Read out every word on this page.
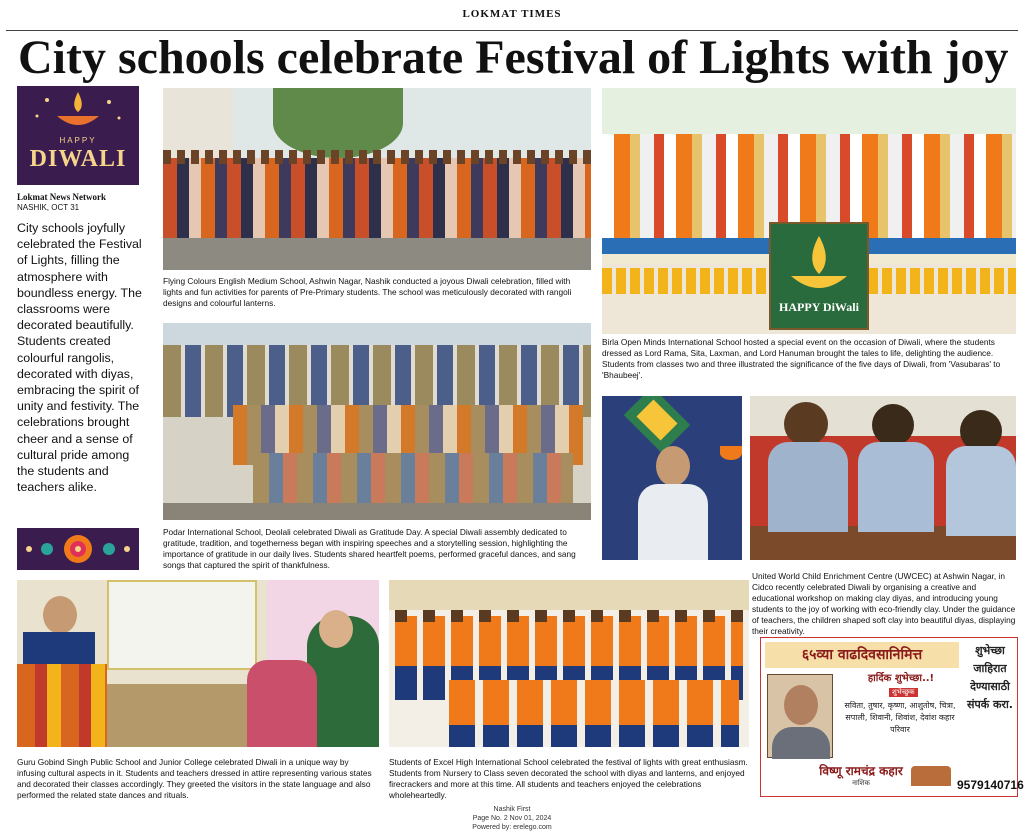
LOKMAT TIMES
City schools celebrate Festival of Lights with joy
HAPPY
DIWALI
Lokmat News Network
NASHIK, OCT 31
City schools joyfully celebrated the Festival of Lights, filling the atmosphere with boundless energy. The classrooms were decorated beautifully. Students created colourful rangolis, decorated with diyas, embracing the spirit of unity and festivity. The celebrations brought cheer and a sense of cultural pride among the students and teachers alike.
Flying Colours English Medium School, Ashwin Nagar, Nashik conducted a joyous Diwali celebration, filled with lights and fun activities for parents of Pre-Primary students. The school was meticulously decorated with rangoli designs and colourful lanterns.	HAPPY DiWali
Birla Open Minds International School hosted a special event on the occasion of Diwali, where the students dressed as Lord Rama, Sita, Laxman, and Lord Hanuman brought the tales to life, delighting the audience. Students from classes two and three illustrated the significance of the five days of Diwali, from 'Vasubaras' to 'Bhaubeej'.
Podar International School, Deolali celebrated Diwali as Gratitude Day. A special Diwali assembly dedicated to gratitude, tradition, and togetherness began with inspiring speeches and a storytelling session, highlighting the importance of gratitude in our daily lives. Students shared heartfelt poems, performed graceful dances, and sang songs that captured the spirit of thankfulness.
United World Child Enrichment Centre (UWCEC) at Ashwin Nagar, in Cidco recently celebrated Diwali by organising a creative and educational workshop on making clay diyas, and introducing young students to the joy of working with eco-friendly clay. Under the guidance of teachers, the children shaped soft clay into beautiful diyas, displaying their creativity.
Guru Gobind Singh Public School and Junior College celebrated Diwali in a unique way by infusing cultural aspects in it. Students and teachers dressed in attire representing various states and decorated their classes accordingly. They greeted the visitors in the state language and also performed the related state dances and rituals.
Students of Excel High International School celebrated the festival of lights with great enthusiasm. Students from Nursery to Class seven decorated the school with diyas and lanterns, and enjoyed firecrackers and more at this time. All students and teachers enjoyed the celebrations wholeheartedly.
६५व्या वाढदिवसानिमित्त
हार्दिक शुभेच्छा..!
शुभेच्छुक
सविता, तुषार, कृष्णा, आशुतोष, चित्रा, सपाली, शिवानी, शिवांश, देवांश कहार परिवार
विष्णू रामचंद्र कहार
नाशिक
शुभेच्छा जाहिरात देण्यासाठी संपर्क करा.
9579140716
Nashik First
Page No. 2 Nov 01, 2024
Powered by: erelego.com
